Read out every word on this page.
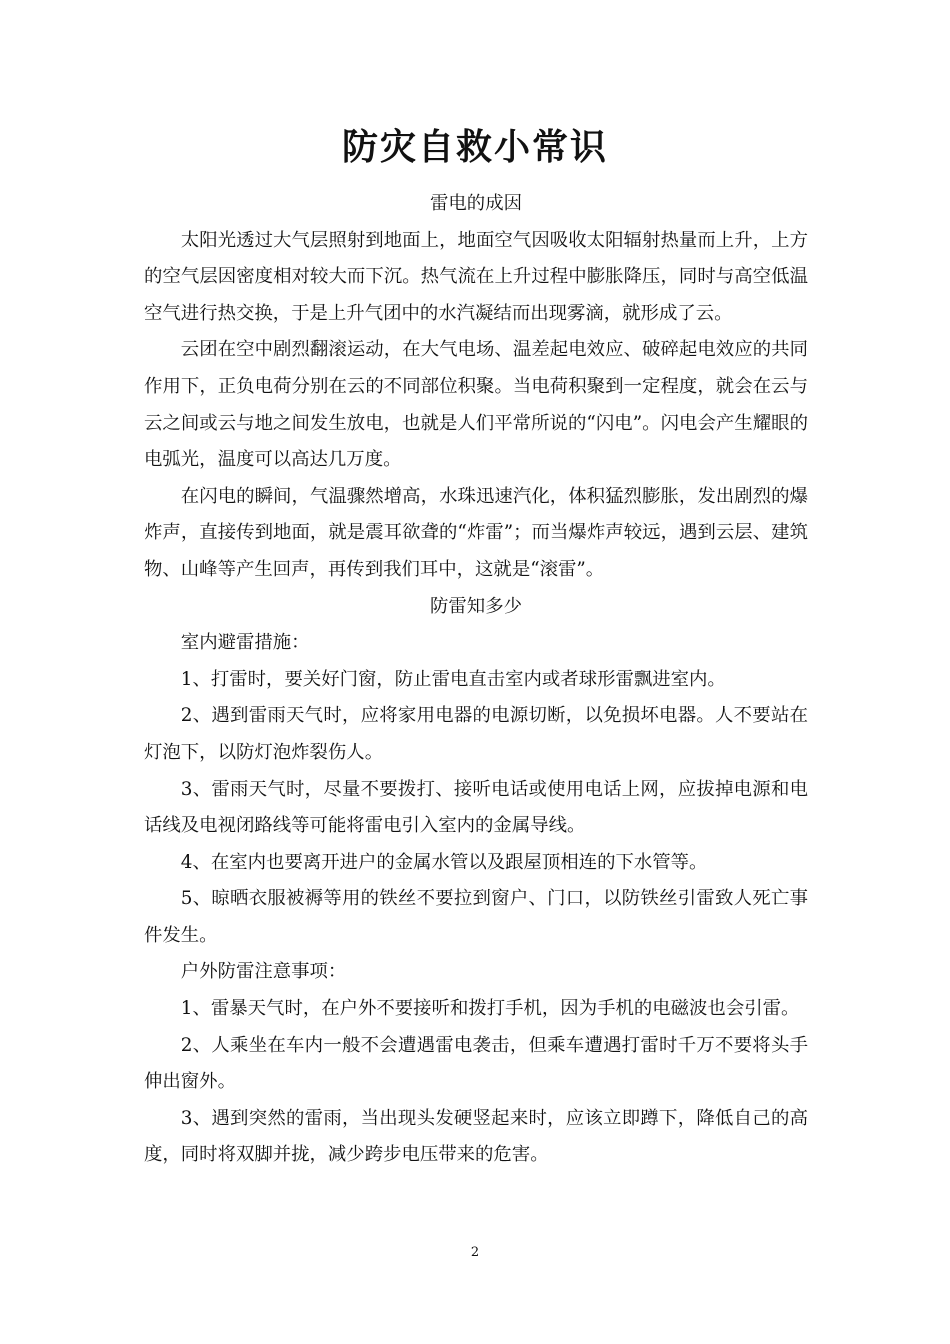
防灾自救小常识

雷电的成因

太阳光透过大气层照射到地面上，地面空气因吸收太阳辐射热量而上升，上方的空气层因密度相对较大而下沉。热气流在上升过程中膨胀降压，同时与高空低温空气进行热交换，于是上升气团中的水汽凝结而出现雾滴，就形成了云。

云团在空中剧烈翻滚运动，在大气电场、温差起电效应、破碎起电效应的共同作用下，正负电荷分别在云的不同部位积聚。当电荷积聚到一定程度，就会在云与云之间或云与地之间发生放电，也就是人们平常所说的“闪电”。闪电会产生耀眼的电弧光，温度可以高达几万度。

在闪电的瞬间，气温骤然增高，水珠迅速汽化，体积猛烈膨胀，发出剧烈的爆炸声，直接传到地面，就是震耳欲聋的“炸雷”；而当爆炸声较远，遇到云层、建筑物、山峰等产生回声，再传到我们耳中，这就是“滚雷”。

防雷知多少

室内避雷措施：

1、打雷时，要关好门窗，防止雷电直击室内或者球形雷飘进室内。

2、遇到雷雨天气时，应将家用电器的电源切断，以免损坏电器。人不要站在灯泡下，以防灯泡炸裂伤人。

3、雷雨天气时，尽量不要拨打、接听电话或使用电话上网，应拔掉电源和电话线及电视闭路线等可能将雷电引入室内的金属导线。

4、在室内也要离开进户的金属水管以及跟屋顶相连的下水管等。

5、晾晒衣服被褥等用的铁丝不要拉到窗户、门口，以防铁丝引雷致人死亡事件发生。

户外防雷注意事项：

1、雷暴天气时，在户外不要接听和拨打手机，因为手机的电磁波也会引雷。

2、人乘坐在车内一般不会遭遇雷电袭击，但乘车遭遇打雷时千万不要将头手伸出窗外。

3、遇到突然的雷雨，当出现头发硬竖起来时，应该立即蹲下，降低自己的高度，同时将双脚并拢，减少跨步电压带来的危害。

2
